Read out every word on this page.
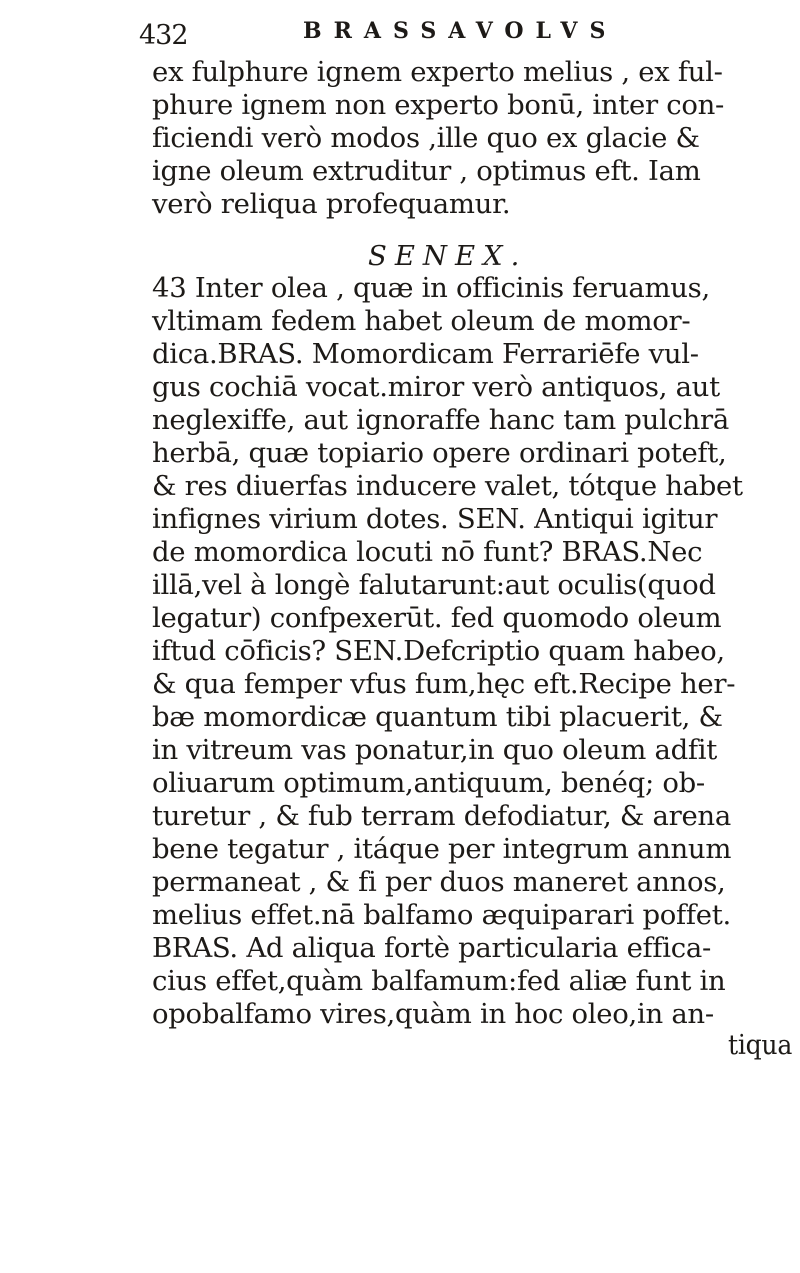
432	BRASSAVOLVS
ex fulphure ignem experto melius , ex ful-
phure ignem non experto bonū, inter con-
ficiendi verò modos ,ille quo ex glacie &
igne oleum extruditur , optimus eft. Iam
verò reliqua profequamur.
SENEX.
43 Inter olea , quæ in officinis feruamus,
vltimam fedem habet oleum de momor-
dica.BRAS. Momordicam Ferrariēfe vul-
gus cochiā vocat.miror verò antiquos, aut
neglexiffe, aut ignoraffe hanc tam pulchrā
herbā, quæ topiario opere ordinari poteft,
& res diuerfas inducere valet, tótque habet
infignes virium dotes. SEN. Antiqui igitur
de momordica locuti nō funt? BRAS.Nec
illā,vel à longè falutarunt:aut oculis(quod
legatur) confpexerūt. fed quomodo oleum
iftud cōficis? SEN.Defcriptio quam habeo,
& qua femper vfus fum,hęc eft.Recipe her-
bæ momordicæ quantum tibi placuerit, &
in vitreum vas ponatur,in quo oleum adfit
oliuarum optimum,antiquum, benéq; ob-
turetur , & fub terram defodiatur, & arena
bene tegatur , itáque per integrum annum
permaneat , & fi per duos maneret annos,
melius effet.nā balfamo æquiparari poffet.
BRAS. Ad aliqua fortè particularia effica-
cius effet,quàm balfamum:fed aliæ funt in
opobalfamo vires,quàm in hoc oleo,in an-
tiqua
